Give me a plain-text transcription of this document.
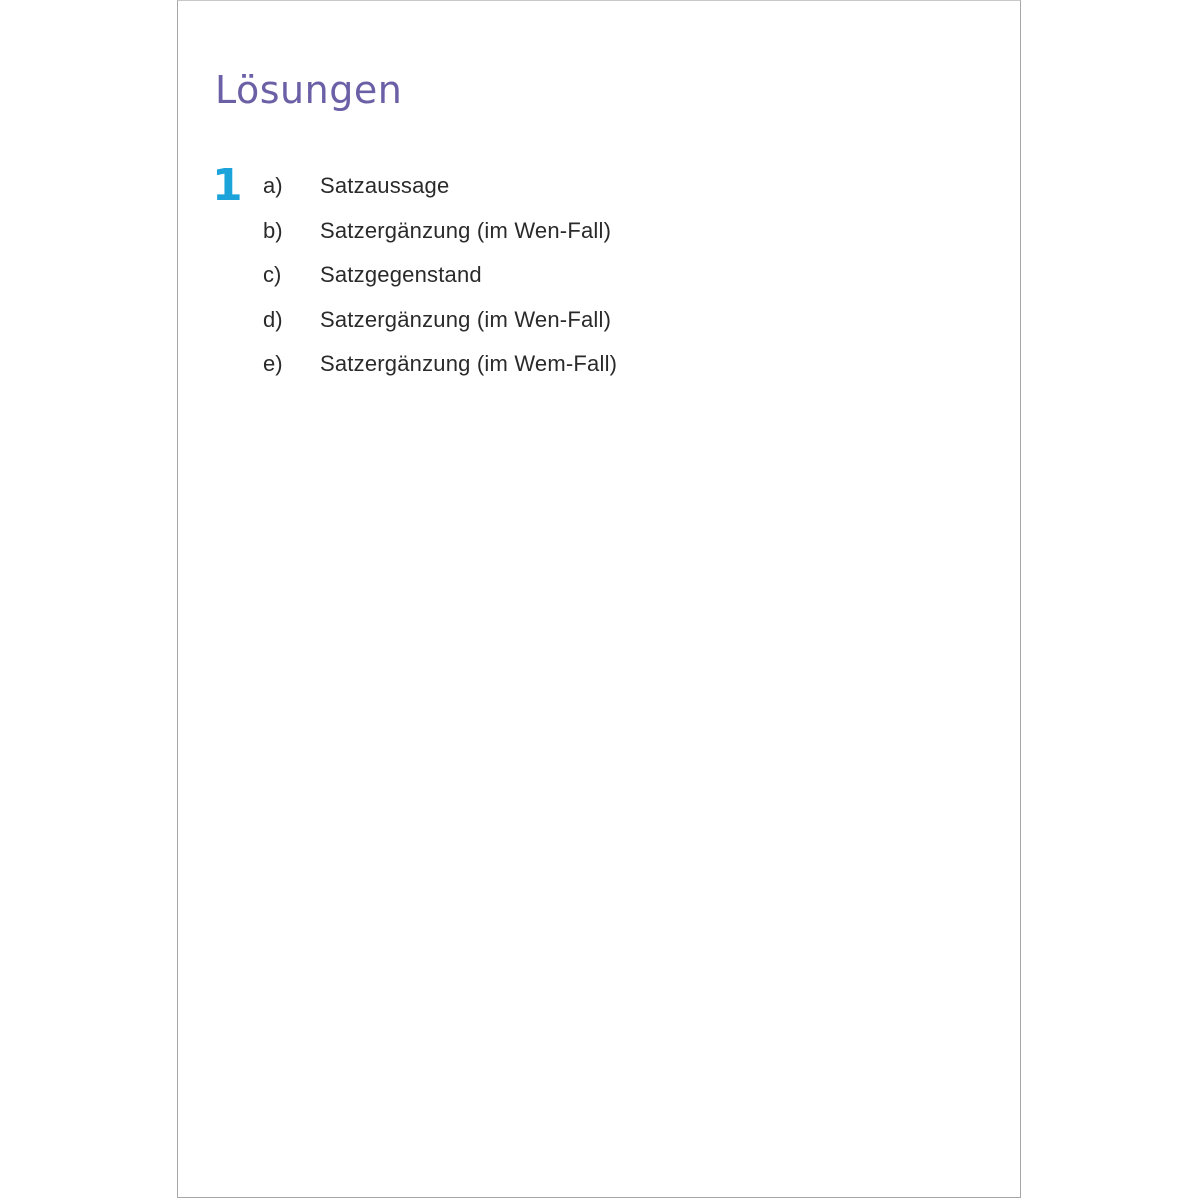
Lösungen
1 a)	Satzaussage
b)	Satzergänzung (im Wen-Fall)
c)	Satzgegenstand
d)	Satzergänzung (im Wen-Fall)
e)	Satzergänzung (im Wem-Fall)
